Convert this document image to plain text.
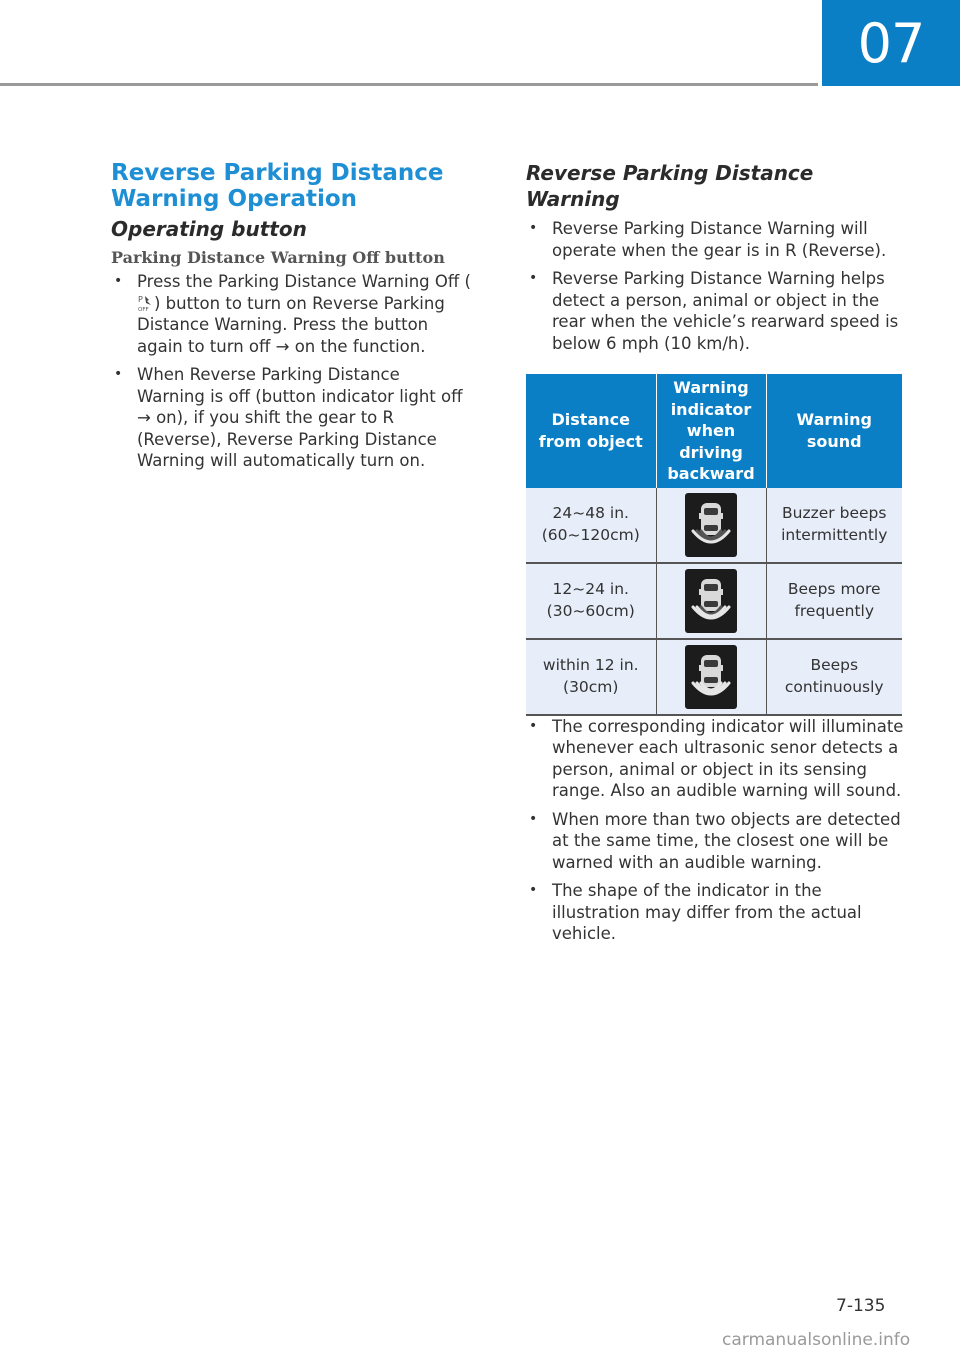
07
Reverse Parking Distance Warning Operation
Operating button
Parking Distance Warning Off button
• Press the Parking Distance Warning Off (
P
OFF ) button to turn on Reverse Parking Distance Warning. Press the button again to turn off → on the function.
• When Reverse Parking Distance Warning is off (button indicator light off → on), if you shift the gear to R (Reverse), Reverse Parking Distance Warning will automatically turn on.
Reverse Parking Distance Warning
• Reverse Parking Distance Warning will operate when the gear is in R (Reverse).
• Reverse Parking Distance Warning helps detect a person, animal or object in the rear when the vehicle’s rearward speed is below 6 mph (10 km/h).
Distance from object	Warning indicator when driving backward	Warning sound
24~48 in. (60~120cm)		Buzzer beeps intermittently
12~24 in. (30~60cm)		Beeps more frequently
within 12 in. (30cm)		Beeps continuously
• The corresponding indicator will illuminate whenever each ultrasonic senor detects a person, animal or object in its sensing range. Also an audible warning will sound.
• When more than two objects are detected at the same time, the closest one will be warned with an audible warning.
• The shape of the indicator in the illustration may differ from the actual vehicle.
7-135
carmanualsonline.info
